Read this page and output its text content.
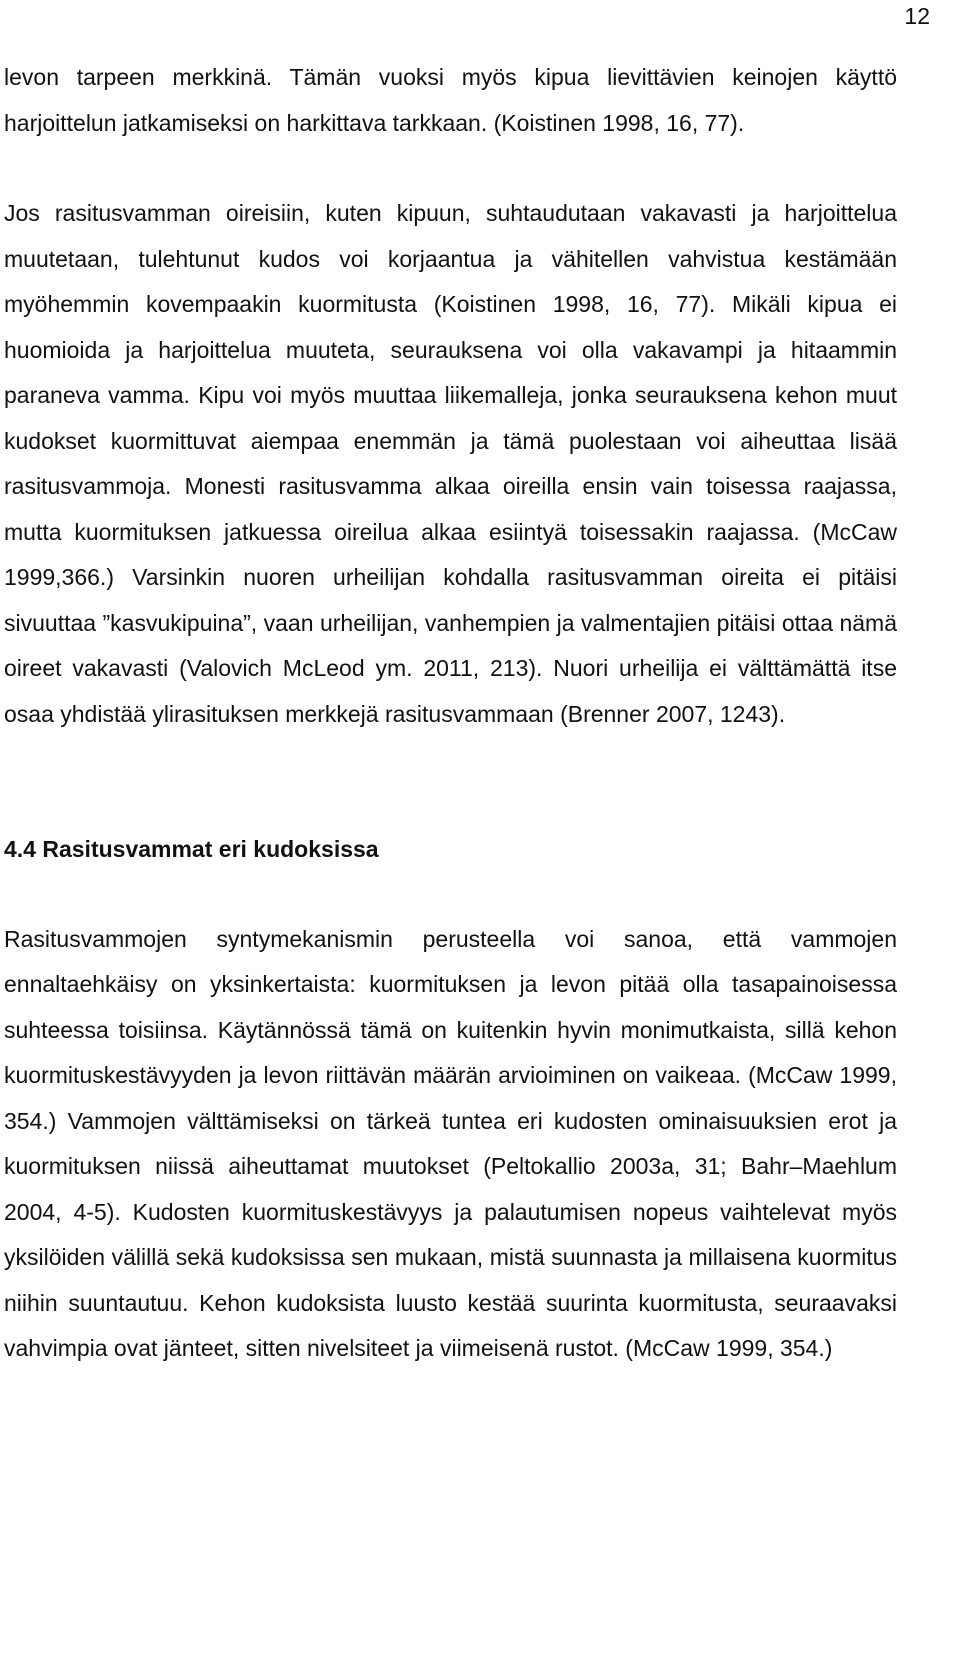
12

levon tarpeen merkkinä. Tämän vuoksi myös kipua lievittävien keinojen käyttö harjoittelun jatkamiseksi on harkittava tarkkaan. (Koistinen 1998, 16, 77).

Jos rasitusvamman oireisiin, kuten kipuun, suhtaudutaan vakavasti ja harjoittelua muutetaan, tulehtunut kudos voi korjaantua ja vähitellen vahvistua kestämään myöhemmin kovempaakin kuormitusta (Koistinen 1998, 16, 77). Mikäli kipua ei huomioida ja harjoittelua muuteta, seurauksena voi olla vakavampi ja hitaammin paraneva vamma. Kipu voi myös muuttaa liikemalleja, jonka seurauksena kehon muut kudokset kuormittuvat aiempaa enemmän ja tämä puolestaan voi aiheuttaa lisää rasitusvammoja. Monesti rasitusvamma alkaa oireilla ensin vain toisessa raajassa, mutta kuormituksen jatkuessa oireilua alkaa esiintyä toisessakin raajassa. (McCaw 1999,366.) Varsinkin nuoren urheilijan kohdalla rasitusvamman oireita ei pitäisi sivuuttaa ”kasvukipuina”, vaan urheilijan, vanhempien ja valmentajien pitäisi ottaa nämä oireet vakavasti (Valovich McLeod ym. 2011, 213). Nuori urheilija ei välttämättä itse osaa yhdistää ylirasituksen merkkejä rasitusvammaan (Brenner 2007, 1243).

4.4 Rasitusvammat eri kudoksissa

Rasitusvammojen syntymekanismin perusteella voi sanoa, että vammojen ennaltaehkäisy on yksinkertaista: kuormituksen ja levon pitää olla tasapainoisessa suhteessa toisiinsa. Käytännössä tämä on kuitenkin hyvin monimutkaista, sillä kehon kuormituskestävyyden ja levon riittävän määrän arvioiminen on vaikeaa. (McCaw 1999, 354.) Vammojen välttämiseksi on tärkeä tuntea eri kudosten ominaisuuksien erot ja kuormituksen niissä aiheuttamat muutokset (Peltokallio 2003a, 31; Bahr–Maehlum 2004, 4-5). Kudosten kuormituskestävyys ja palautumisen nopeus vaihtelevat myös yksilöiden välillä sekä kudoksissa sen mukaan, mistä suunnasta ja millaisena kuormitus niihin suuntautuu. Kehon kudoksista luusto kestää suurinta kuormitusta, seuraavaksi vahvimpia ovat jänteet, sitten nivelsiteet ja viimeisenä rustot. (McCaw 1999, 354.)
